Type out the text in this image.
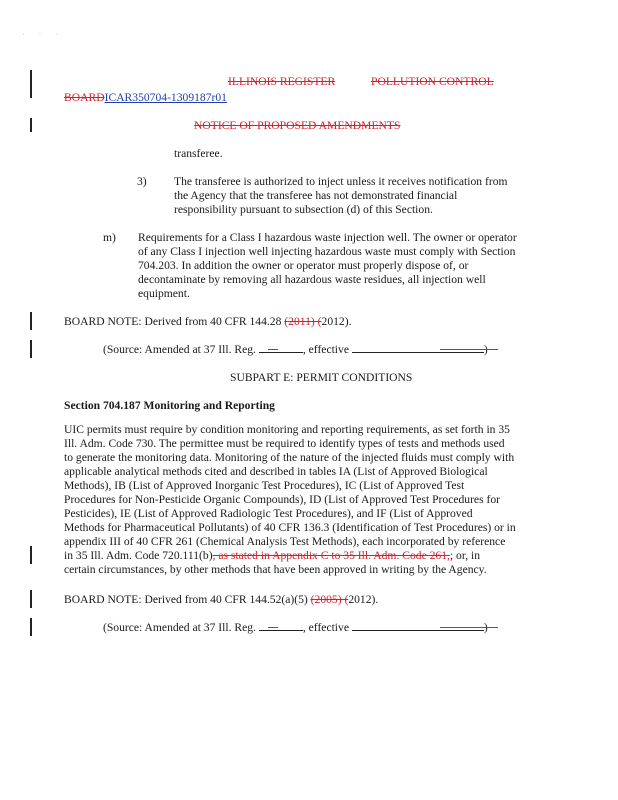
· · ·
ILLINOIS REGISTER	POLLUTION CONTROL
BOARDICAR350704-1309187r01
NOTICE OF PROPOSED AMENDMENTS
transferee.
3) The transferee is authorized to inject unless it receives notification from
the Agency that the transferee has not demonstrated financial
responsibility pursuant to subsection (d) of this Section.
m) Requirements for a Class I hazardous waste injection well. The owner or operator
of any Class I injection well injecting hazardous waste must comply with Section
704.203. In addition the owner or operator must properly dispose of, or
decontaminate by removing all hazardous waste residues, all injection well
equipment.
BOARD NOTE: Derived from 40 CFR 144.28 (2011) (2012).
(Source: Amended at 37 Ill. Reg.	, effective	)
SUBPART E: PERMIT CONDITIONS
Section 704.187 Monitoring and Reporting
UIC permits must require by condition monitoring and reporting requirements, as set forth in 35
Ill. Adm. Code 730. The permittee must be required to identify types of tests and methods used
to generate the monitoring data. Monitoring of the nature of the injected fluids must comply with
applicable analytical methods cited and described in tables IA (List of Approved Biological
Methods), IB (List of Approved Inorganic Test Procedures), IC (List of Approved Test
Procedures for Non-Pesticide Organic Compounds), ID (List of Approved Test Procedures for
Pesticides), IE (List of Approved Radiologic Test Procedures), and IF (List of Approved
Methods for Pharmaceutical Pollutants) of 40 CFR 136.3 (Identification of Test Procedures) or in
appendix III of 40 CFR 261 (Chemical Analysis Test Methods), each incorporated by reference
in 35 Ill. Adm. Code 720.111(b), as stated in Appendix C to 35 Ill. Adm. Code 261,; or, in
certain circumstances, by other methods that have been approved in writing by the Agency.
BOARD NOTE: Derived from 40 CFR 144.52(a)(5) (2005) (2012).
(Source: Amended at 37 Ill. Reg.	, effective	)
